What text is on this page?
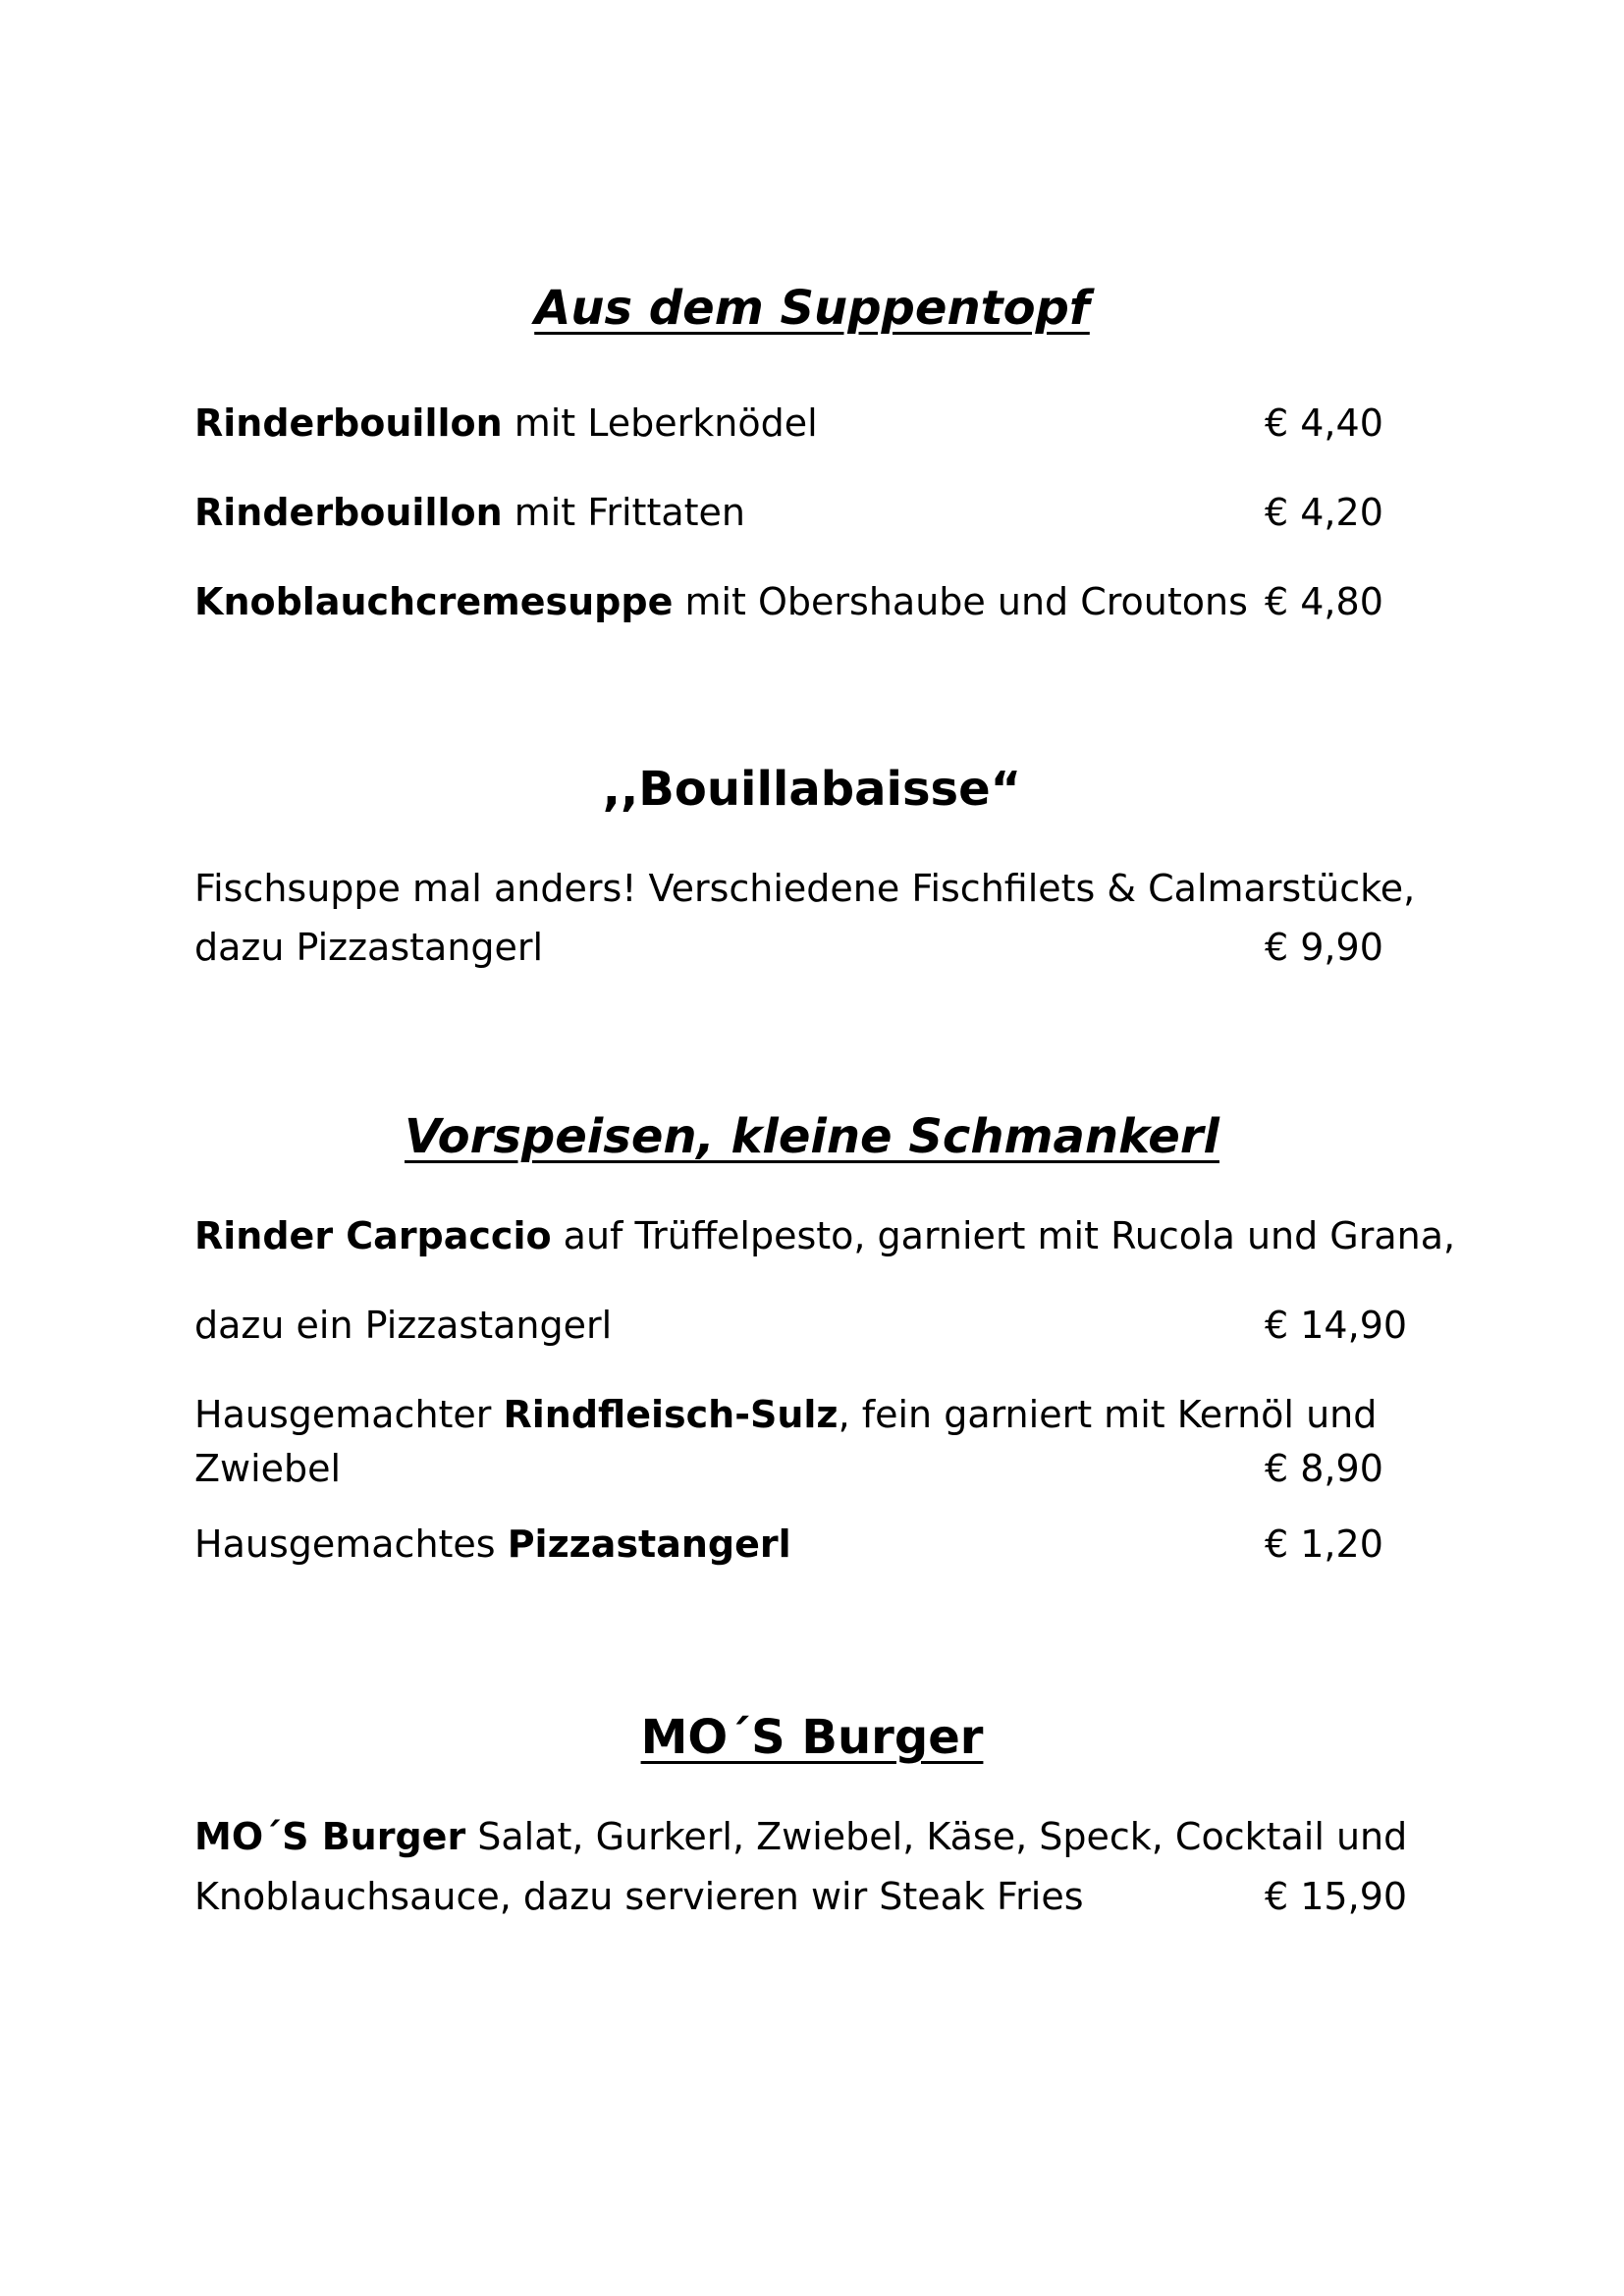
Aus dem Suppentopf

Rinderbouillon mit Leberknödel	€ 4,40

Rinderbouillon mit Frittaten	€ 4,20

Knoblauchcremesuppe mit Obershaube und Croutons € 4,80

,,Bouillabaisse“

Fischsuppe mal anders! Verschiedene Fischfilets & Calmarstücke,

dazu Pizzastangerl	€ 9,90

Vorspeisen, kleine Schmankerl

Rinder Carpaccio auf Trüffelpesto, garniert mit Rucola und Grana,

dazu ein Pizzastangerl	€ 14,90

Hausgemachter Rindfleisch-Sulz, fein garniert mit Kernöl und

Zwiebel	€ 8,90

Hausgemachtes Pizzastangerl	€ 1,20

MO´S Burger

MO´S Burger Salat, Gurkerl, Zwiebel, Käse, Speck, Cocktail und

Knoblauchsauce, dazu servieren wir Steak Fries	€ 15,90
